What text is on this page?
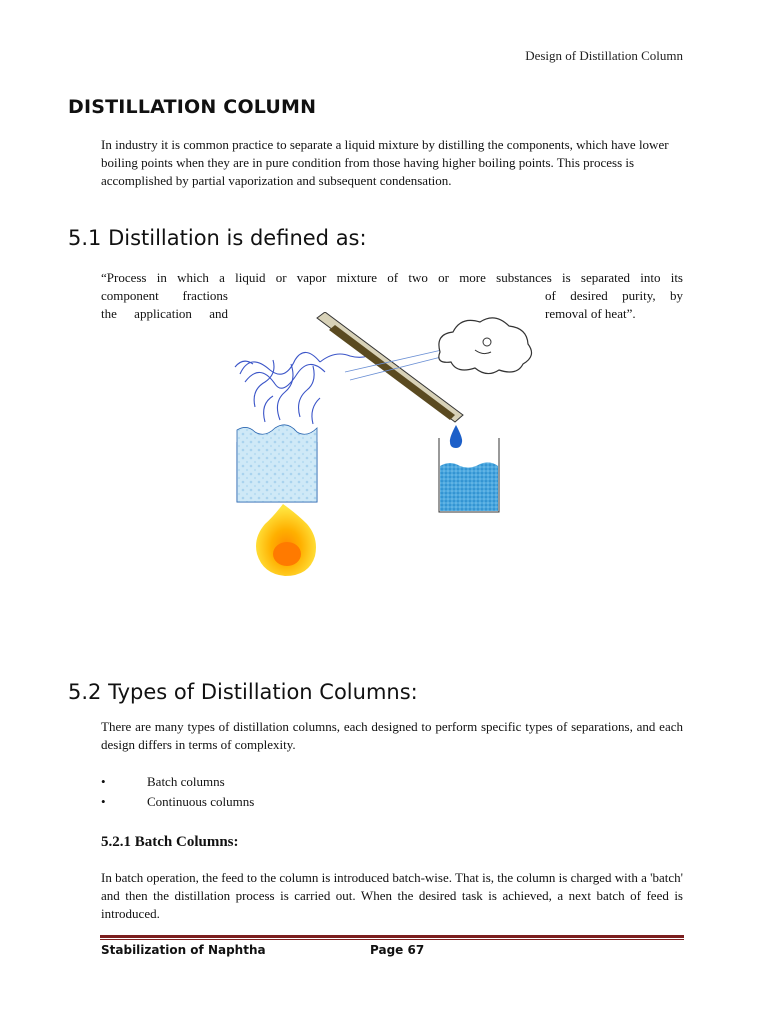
Design of Distillation Column
DISTILLATION COLUMN

In industry it is common practice to separate a liquid mixture by distilling the components, which have lower boiling points when they are in pure condition from those having higher boiling points. This process is accomplished by partial vaporization and subsequent condensation.

5.1 Distillation is defined as:
“Process in which a liquid or vapor mixture of two or more substances is separated into its
component fractions	of desired purity, by
the application and	removal of heat”.
5.2 Types of Distillation Columns:

There are many types of distillation columns, each designed to perform specific types of separations, and each design differs in terms of complexity.

•	Batch columns
•	Continuous columns
5.2.1 Batch Columns:

In batch operation, the feed to the column is introduced batch-wise. That is, the column is charged with a 'batch' and then the distillation process is carried out. When the desired task is achieved, a next batch of feed is introduced.

Stabilization of Naphtha	Page 67
